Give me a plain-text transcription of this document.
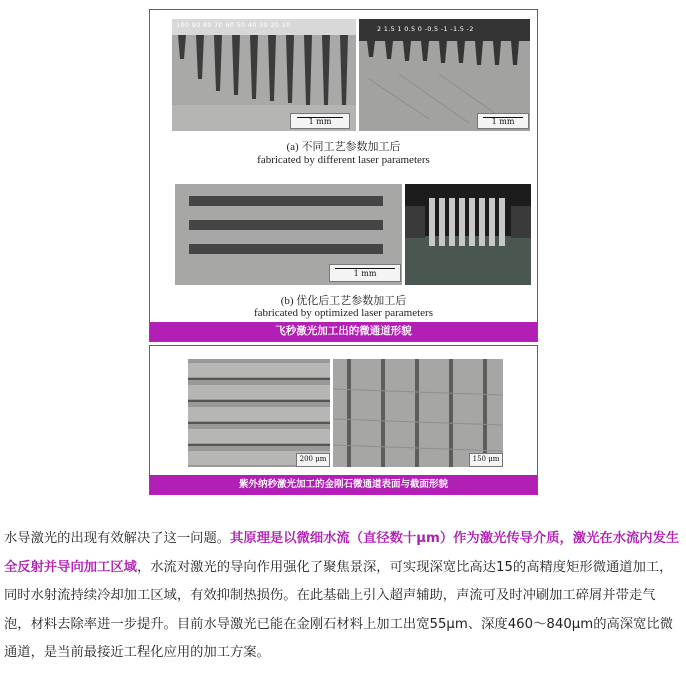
100 90 80 70 60 50 40 30 20 10
1 mm
2 1.5 1 0.5 0 -0.5 -1 -1.5 -2
1 mm
(a) 不同工艺参数加工后
fabricated by different laser parameters
1 mm
(b) 优化后工艺参数加工后
fabricated by optimized laser parameters
飞秒激光加工出的微通道形貌
200 μm	150 μm
紫外纳秒激光加工的金刚石微通道表面与截面形貌
水导激光的出现有效解决了这一问题。其原理是以微细水流（直径数十μm）作为激光传导介质，激光在水流内发生全反射并导向加工区域，水流对激光的导向作用强化了聚焦景深，可实现深宽比高达15的高精度矩形微通道加工，同时水射流持续冷却加工区域，有效抑制热损伤。在此基础上引入超声辅助，声流可及时冲刷加工碎屑并带走气泡，材料去除率进一步提升。目前水导激光已能在金刚石材料上加工出宽55μm、深度460～840μm的高深宽比微通道，是当前最接近工程化应用的加工方案。
